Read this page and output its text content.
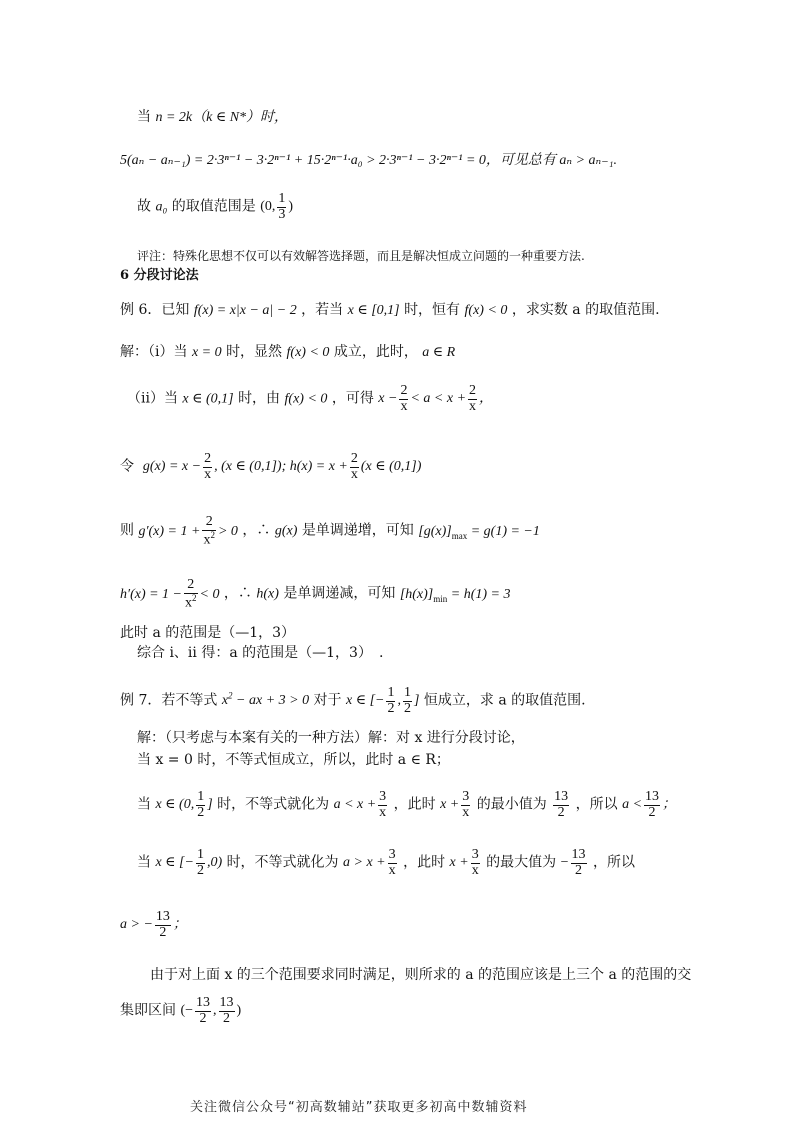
当 n = 2k（k ∈ N*）时，
5(aₙ − aₙ₋₁) = 2·3ⁿ⁻¹ − 3·2ⁿ⁻¹ + 15·2ⁿ⁻¹·a₀ > 2·3ⁿ⁻¹ − 3·2ⁿ⁻¹ = 0，可见总有 aₙ > aₙ₋₁.
故 a₀ 的取值范围是 (0, $\frac{1}{3}$ )
评注：特殊化思想不仅可以有效解答选择题，而且是解决恒成立问题的一种重要方法.
6 分段讨论法
例 6．已知 f(x) = x|x − a| − 2 ，若当 x ∈ [0,1] 时，恒有 f(x) < 0 ，求实数 a 的取值范围.
解：（i）当 x = 0 时，显然 f(x) < 0 成立，此时， a ∈ R
（ii）当 x ∈ (0,1] 时，由 f(x) < 0 ，可得 $x - \frac{2}{x} < a < x + \frac{2}{x}$ ，
令 $g(x) = x - \frac{2}{x}$ , (x ∈ (0,1]); $h(x) = x + \frac{2}{x} (x$ ∈ (0,1])
则 $g'(x) = 1 + \frac{2}{x^2} > 0$ ，∴ g(x) 是单调递增，可知 $[g(x)]_{max} = g(1) = -1$
$h'(x) = 1 - \frac{2}{x^2} < 0$ ，∴ h(x) 是单调递减，可知 $[h(x)]_{min} = h(1) = 3$
此时 a 的范围是（—1，3）
综合 i、ii 得：a 的范围是（—1，3）　.
例 7．若不等式 $x^2$ − ax + 3 > 0 对于 x ∈ [− $\frac{1}{2}$ , $\frac{1}{2}$ ] 恒成立，求 a 的取值范围.
解：（只考虑与本案有关的一种方法）解：对 x 进行分段讨论，
当 x = 0 时，不等式恒成立，所以，此时 a ∈ R；
当 x ∈ (0, $\frac{1}{2}$ ] 时，不等式就化为 $a < x + \frac{3}{x}$ ，此时 $x + \frac{3}{x}$ 的最小值为 $\frac{13}{2}$ ，所以 $a < \frac{13}{2}$ ；
当 x ∈ [− $\frac{1}{2} ,0$) 时，不等式就化为 $a > x + \frac{3}{x}$ ，此时 $x + \frac{3}{x}$ 的最大值为 − $\frac{13}{2}$ ，所以
a > − $\frac{13}{2}$ ；
由于对上面 x 的三个范围要求同时满足，则所求的 a 的范围应该是上三个 a 的范围的交
集即区间 (− $\frac{13}{2}$ , $\frac{13}{2}$ )
关注微信公众号“初高数辅站”获取更多初高中数辅资料
